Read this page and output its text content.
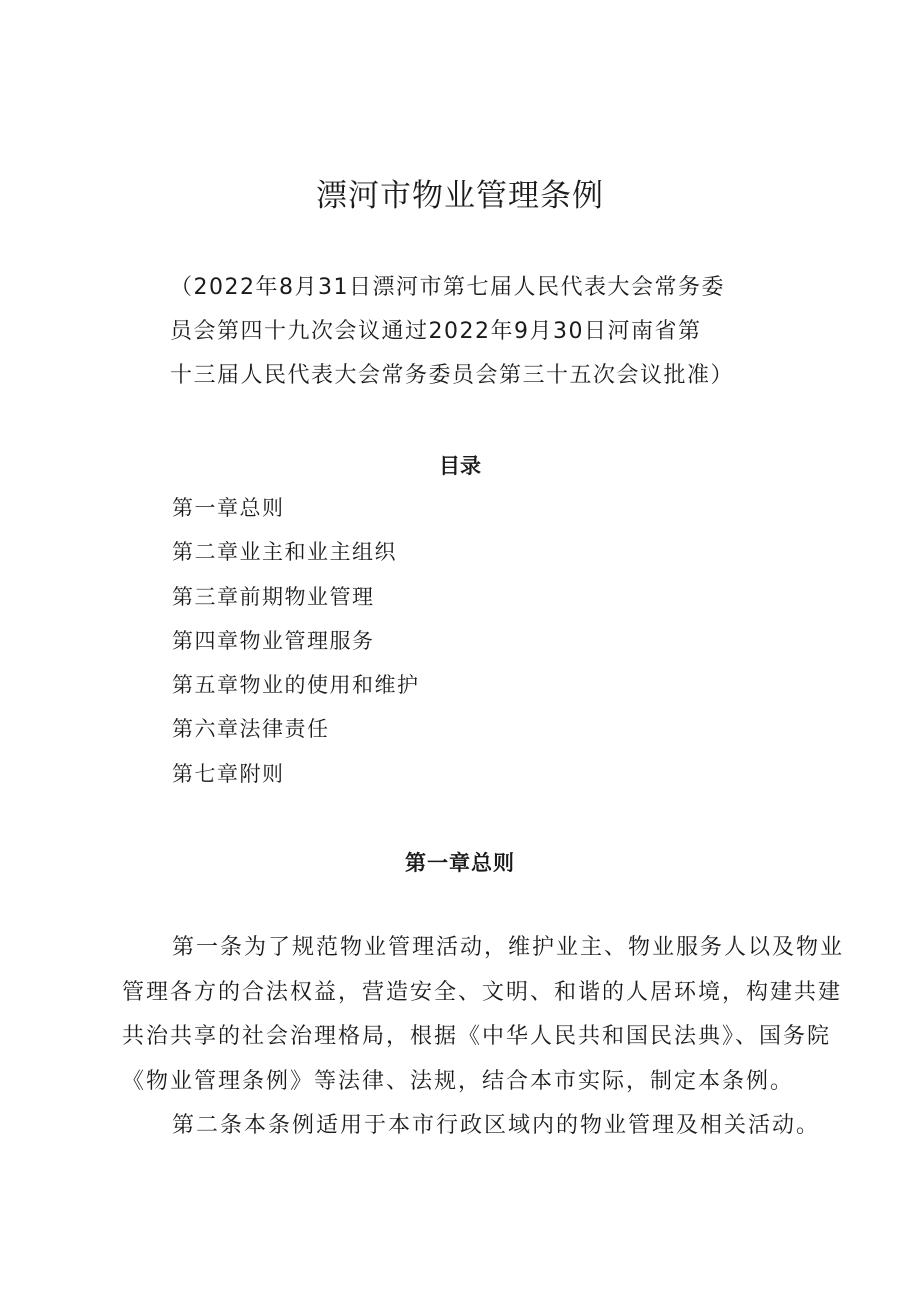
漂河市物业管理条例

（2022年8月31日漂河市第七届人民代表大会常务委
员会第四十九次会议通过2022年9月30日河南省第
十三届人民代表大会常务委员会第三十五次会议批准）

目录
第一章总则
第二章业主和业主组织
第三章前期物业管理
第四章物业管理服务
第五章物业的使用和维护
第六章法律责任
第七章附则
第一章总则
第一条为了规范物业管理活动，维护业主、物业服务人以及物业
管理各方的合法权益，营造安全、文明、和谐的人居环境，构建共建
共治共享的社会治理格局，根据《中华人民共和国民法典》、国务院
《物业管理条例》等法律、法规，结合本市实际，制定本条例。
第二条本条例适用于本市行政区域内的物业管理及相关活动。
